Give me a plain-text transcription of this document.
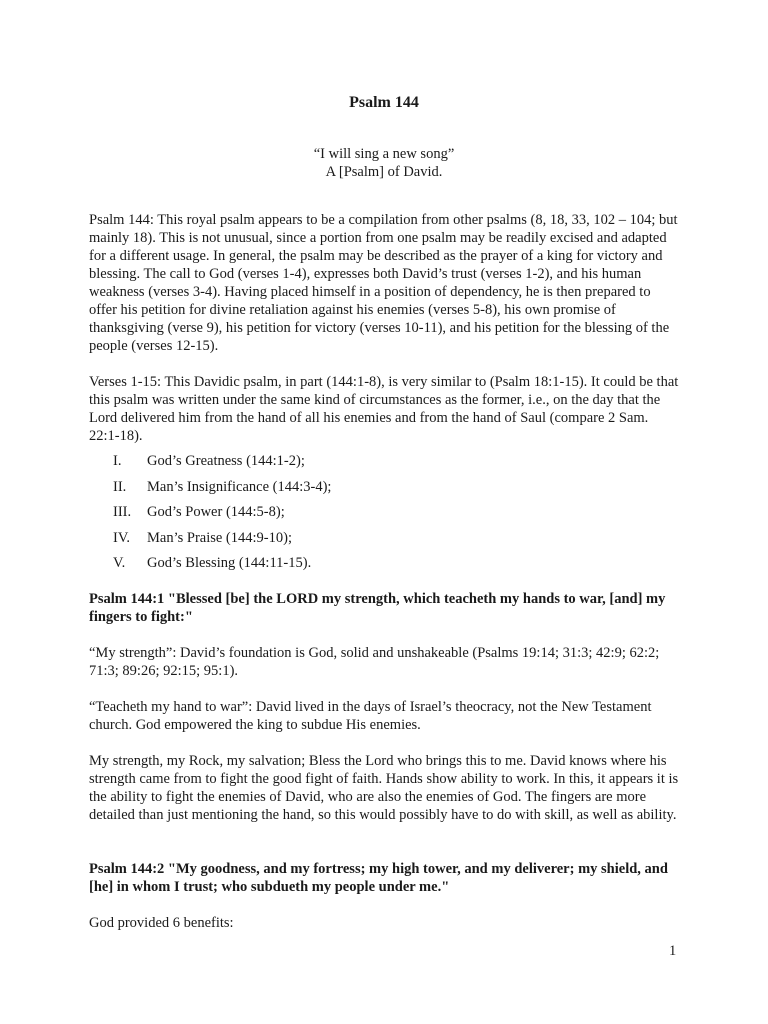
Psalm 144
“I will sing a new song”
A [Psalm] of David.

Psalm 144: This royal psalm appears to be a compilation from other psalms (8, 18, 33, 102 – 104; but mainly 18). This is not unusual, since a portion from one psalm may be readily excised and adapted for a different usage. In general, the psalm may be described as the prayer of a king for victory and blessing. The call to God (verses 1-4), expresses both David’s trust (verses 1-2), and his human weakness (verses 3-4). Having placed himself in a position of dependency, he is then prepared to offer his petition for divine retaliation against his enemies (verses 5-8), his own promise of thanksgiving (verse 9), his petition for victory (verses 10-11), and his petition for the blessing of the people (verses 12-15).

Verses 1-15: This Davidic psalm, in part (144:1-8), is very similar to (Psalm 18:1-15). It could be that this psalm was written under the same kind of circumstances as the former, i.e., on the day that the Lord delivered him from the hand of all his enemies and from the hand of Saul (compare 2 Sam. 22:1-18).

I. God’s Greatness (144:1-2);
II. Man’s Insignificance (144:3-4);
III. God’s Power (144:5-8);
IV. Man’s Praise (144:9-10);
V. God’s Blessing (144:11-15).

Psalm 144:1 "Blessed [be] the LORD my strength, which teacheth my hands to war, [and] my fingers to fight:"

“My strength”: David’s foundation is God, solid and unshakeable (Psalms 19:14; 31:3; 42:9; 62:2; 71:3; 89:26; 92:15; 95:1).

“Teacheth my hand to war”: David lived in the days of Israel’s theocracy, not the New Testament church. God empowered the king to subdue His enemies.

My strength, my Rock, my salvation; Bless the Lord who brings this to me. David knows where his strength came from to fight the good fight of faith. Hands show ability to work. In this, it appears it is the ability to fight the enemies of David, who are also the enemies of God. The fingers are more detailed than just mentioning the hand, so this would possibly have to do with skill, as well as ability.

Psalm 144:2 "My goodness, and my fortress; my high tower, and my deliverer; my shield, and [he] in whom I trust; who subdueth my people under me."

God provided 6 benefits:

1
